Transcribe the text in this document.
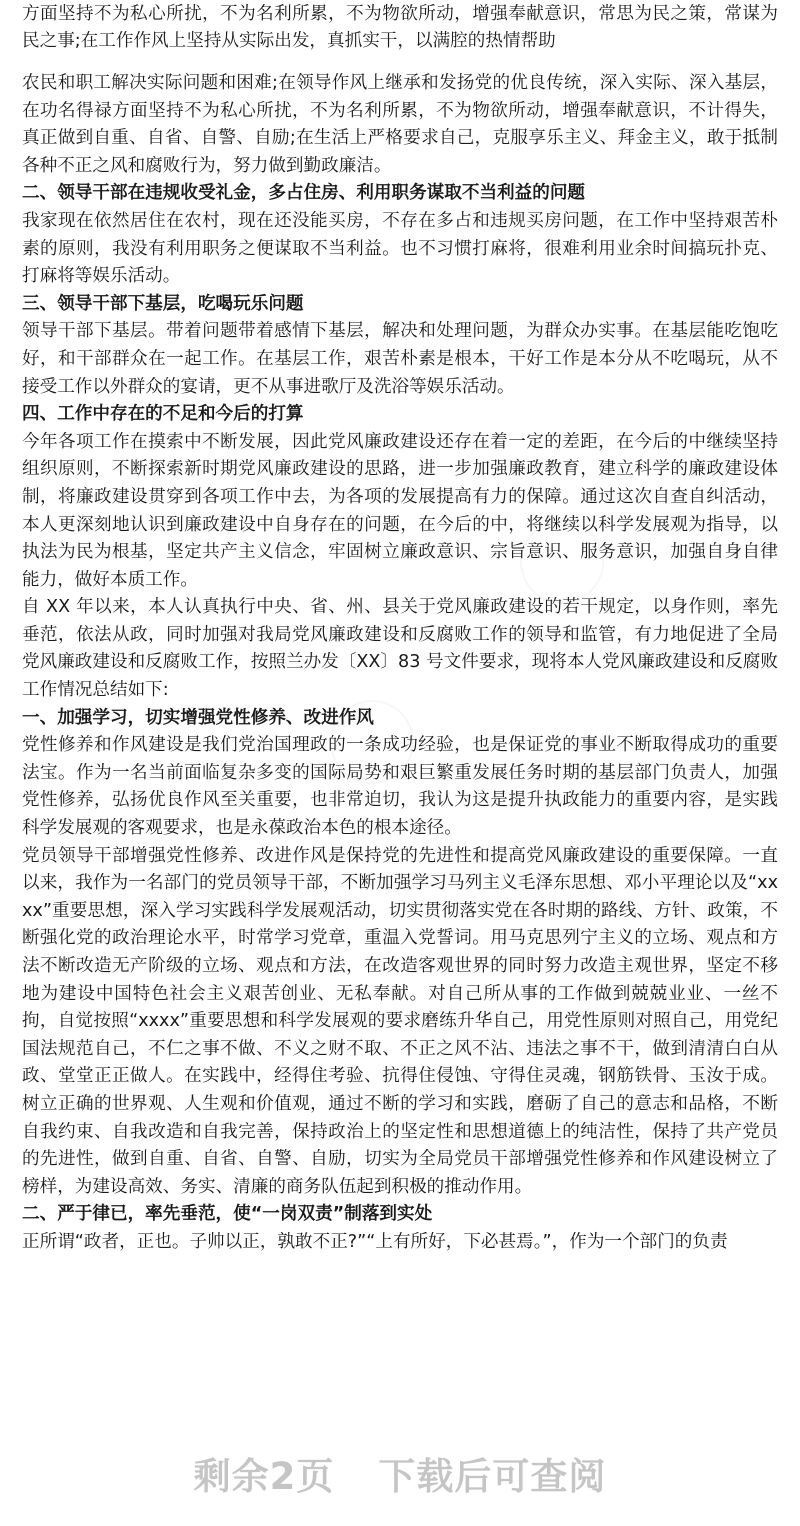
方面坚持不为私心所扰，不为名利所累，不为物欲所动，增强奉献意识，常思为民之策，常谋为民之事;在工作作风上坚持从实际出发，真抓实干，以满腔的热情帮助

农民和职工解决实际问题和困难;在领导作风上继承和发扬党的优良传统，深入实际、深入基层，在功名得禄方面坚持不为私心所扰，不为名利所累，不为物欲所动，增强奉献意识，不计得失，真正做到自重、自省、自警、自励;在生活上严格要求自己，克服享乐主义、拜金主义，敢于抵制各种不正之风和腐败行为，努力做到勤政廉洁。

二、领导干部在违规收受礼金，多占住房、利用职务谋取不当利益的问题

我家现在依然居住在农村，现在还没能买房，不存在多占和违规买房问题，在工作中坚持艰苦朴素的原则，我没有利用职务之便谋取不当利益。也不习惯打麻将，很难利用业余时间搞玩扑克、打麻将等娱乐活动。

三、领导干部下基层，吃喝玩乐问题

领导干部下基层。带着问题带着感情下基层，解决和处理问题，为群众办实事。在基层能吃饱吃好，和干部群众在一起工作。在基层工作，艰苦朴素是根本，干好工作是本分从不吃喝玩，从不接受工作以外群众的宴请，更不从事进歌厅及洗浴等娱乐活动。

四、工作中存在的不足和今后的打算

今年各项工作在摸索中不断发展，因此党风廉政建设还存在着一定的差距，在今后的中继续坚持组织原则，不断探索新时期党风廉政建设的思路，进一步加强廉政教育，建立科学的廉政建设体制，将廉政建设贯穿到各项工作中去，为各项的发展提高有力的保障。通过这次自查自纠活动，本人更深刻地认识到廉政建设中自身存在的问题，在今后的中，将继续以科学发展观为指导，以执法为民为根基，坚定共产主义信念，牢固树立廉政意识、宗旨意识、服务意识，加强自身自律能力，做好本质工作。

自 XX 年以来，本人认真执行中央、省、州、县关于党风廉政建设的若干规定，以身作则，率先垂范，依法从政，同时加强对我局党风廉政建设和反腐败工作的领导和监管，有力地促进了全局党风廉政建设和反腐败工作，按照兰办发〔XX〕83 号文件要求，现将本人党风廉政建设和反腐败工作情况总结如下:

一、加强学习，切实增强党性修养、改进作风

党性修养和作风建设是我们党治国理政的一条成功经验，也是保证党的事业不断取得成功的重要法宝。作为一名当前面临复杂多变的国际局势和艰巨繁重发展任务时期的基层部门负责人，加强党性修养，弘扬优良作风至关重要，也非常迫切，我认为这是提升执政能力的重要内容，是实践科学发展观的客观要求，也是永葆政治本色的根本途径。

党员领导干部增强党性修养、改进作风是保持党的先进性和提高党风廉政建设的重要保障。一直以来，我作为一名部门的党员领导干部，不断加强学习马列主义毛泽东思想、邓小平理论以及“xxxx”重要思想，深入学习实践科学发展观活动，切实贯彻落实党在各时期的路线、方针、政策，不断强化党的政治理论水平，时常学习党章，重温入党誓词。用马克思列宁主义的立场、观点和方法不断改造无产阶级的立场、观点和方法，在改造客观世界的同时努力改造主观世界，坚定不移地为建设中国特色社会主义艰苦创业、无私奉献。对自己所从事的工作做到兢兢业业、一丝不拘，自觉按照“xxxx”重要思想和科学发展观的要求磨练升华自己，用党性原则对照自己，用党纪国法规范自己，不仁之事不做、不义之财不取、不正之风不沾、违法之事不干，做到清清白白从政、堂堂正正做人。在实践中，经得住考验、抗得住侵蚀、守得住灵魂，钢筋铁骨、玉汝于成。树立正确的世界观、人生观和价值观，通过不断的学习和实践，磨砺了自己的意志和品格，不断自我约束、自我改造和自我完善，保持政治上的坚定性和思想道德上的纯洁性，保持了共产党员的先进性，做到自重、自省、自警、自励，切实为全局党员干部增强党性修养和作风建设树立了榜样，为建设高效、务实、清廉的商务队伍起到积极的推动作用。

二、严于律已，率先垂范，使“一岗双责”制落到实处

正所谓“政者，正也。子帅以正，孰敢不正?”“上有所好，下必甚焉。”，作为一个部门的负责

剩余2页 下载后可查阅
